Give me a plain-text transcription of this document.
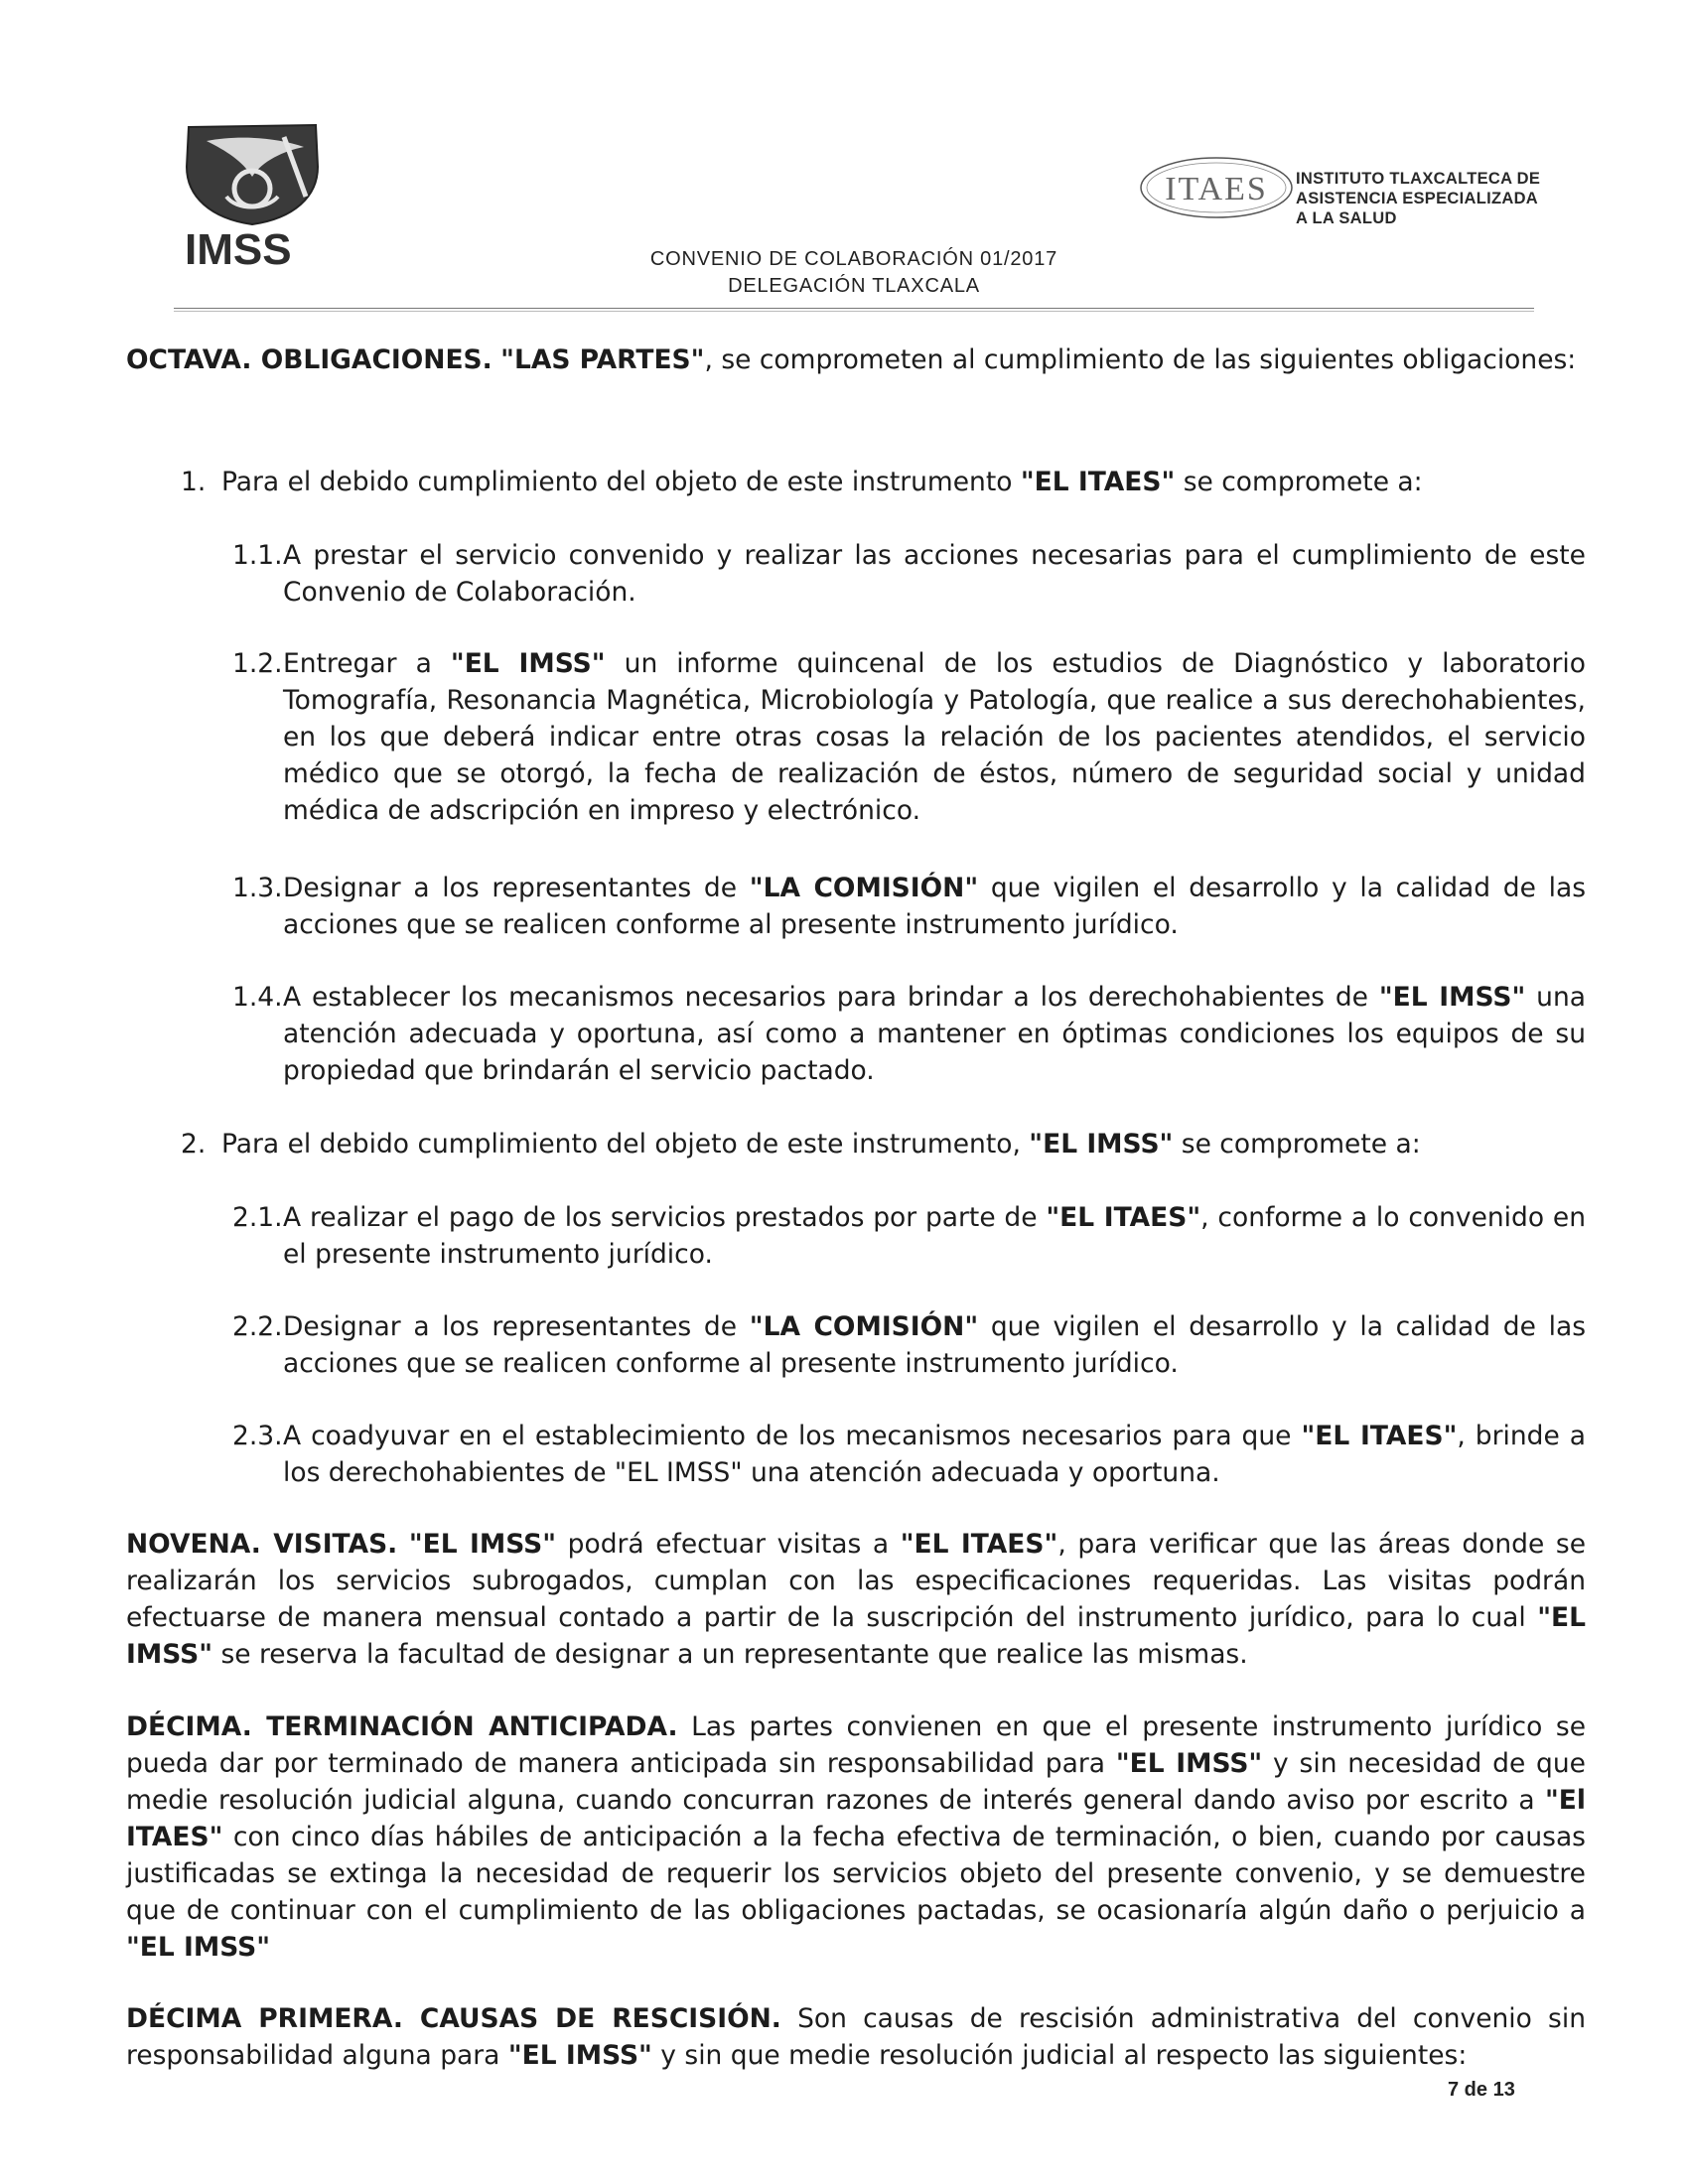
IMSS
ITAES INSTITUTO TLAXCALTECA DE
ASISTENCIA ESPECIALIZADA
A LA SALUD
CONVENIO DE COLABORACIÓN 01/2017
DELEGACIÓN TLAXCALA
OCTAVA. OBLIGACIONES. "LAS PARTES", se comprometen al cumplimiento de las siguientes obligaciones:
1. Para el debido cumplimiento del objeto de este instrumento "EL ITAES" se compromete a:
1.1. A prestar el servicio convenido y realizar las acciones necesarias para el cumplimiento de este Convenio de Colaboración.
1.2. Entregar a "EL IMSS" un informe quincenal de los estudios de Diagnóstico y laboratorio Tomografía, Resonancia Magnética, Microbiología y Patología, que realice a sus derechohabientes, en los que deberá indicar entre otras cosas la relación de los pacientes atendidos, el servicio médico que se otorgó, la fecha de realización de éstos, número de seguridad social y unidad médica de adscripción en impreso y electrónico.
1.3. Designar a los representantes de "LA COMISIÓN" que vigilen el desarrollo y la calidad de las acciones que se realicen conforme al presente instrumento jurídico.
1.4. A establecer los mecanismos necesarios para brindar a los derechohabientes de "EL IMSS" una atención adecuada y oportuna, así como a mantener en óptimas condiciones los equipos de su propiedad que brindarán el servicio pactado.
2. Para el debido cumplimiento del objeto de este instrumento, "EL IMSS" se compromete a:
2.1. A realizar el pago de los servicios prestados por parte de "EL ITAES", conforme a lo convenido en el presente instrumento jurídico.
2.2. Designar a los representantes de "LA COMISIÓN" que vigilen el desarrollo y la calidad de las acciones que se realicen conforme al presente instrumento jurídico.
2.3. A coadyuvar en el establecimiento de los mecanismos necesarios para que "EL ITAES", brinde a los derechohabientes de "EL IMSS" una atención adecuada y oportuna.
NOVENA. VISITAS. "EL IMSS" podrá efectuar visitas a "EL ITAES", para verificar que las áreas donde se realizarán los servicios subrogados, cumplan con las especificaciones requeridas. Las visitas podrán efectuarse de manera mensual contado a partir de la suscripción del instrumento jurídico, para lo cual "EL IMSS" se reserva la facultad de designar a un representante que realice las mismas.
DÉCIMA. TERMINACIÓN ANTICIPADA. Las partes convienen en que el presente instrumento jurídico se pueda dar por terminado de manera anticipada sin responsabilidad para "EL IMSS" y sin necesidad de que medie resolución judicial alguna, cuando concurran razones de interés general dando aviso por escrito a "El ITAES" con cinco días hábiles de anticipación a la fecha efectiva de terminación, o bien, cuando por causas justificadas se extinga la necesidad de requerir los servicios objeto del presente convenio, y se demuestre que de continuar con el cumplimiento de las obligaciones pactadas, se ocasionaría algún daño o perjuicio a "EL IMSS"
DÉCIMA PRIMERA. CAUSAS DE RESCISIÓN. Son causas de rescisión administrativa del convenio sin responsabilidad alguna para "EL IMSS" y sin que medie resolución judicial al respecto las siguientes:
7 de 13
